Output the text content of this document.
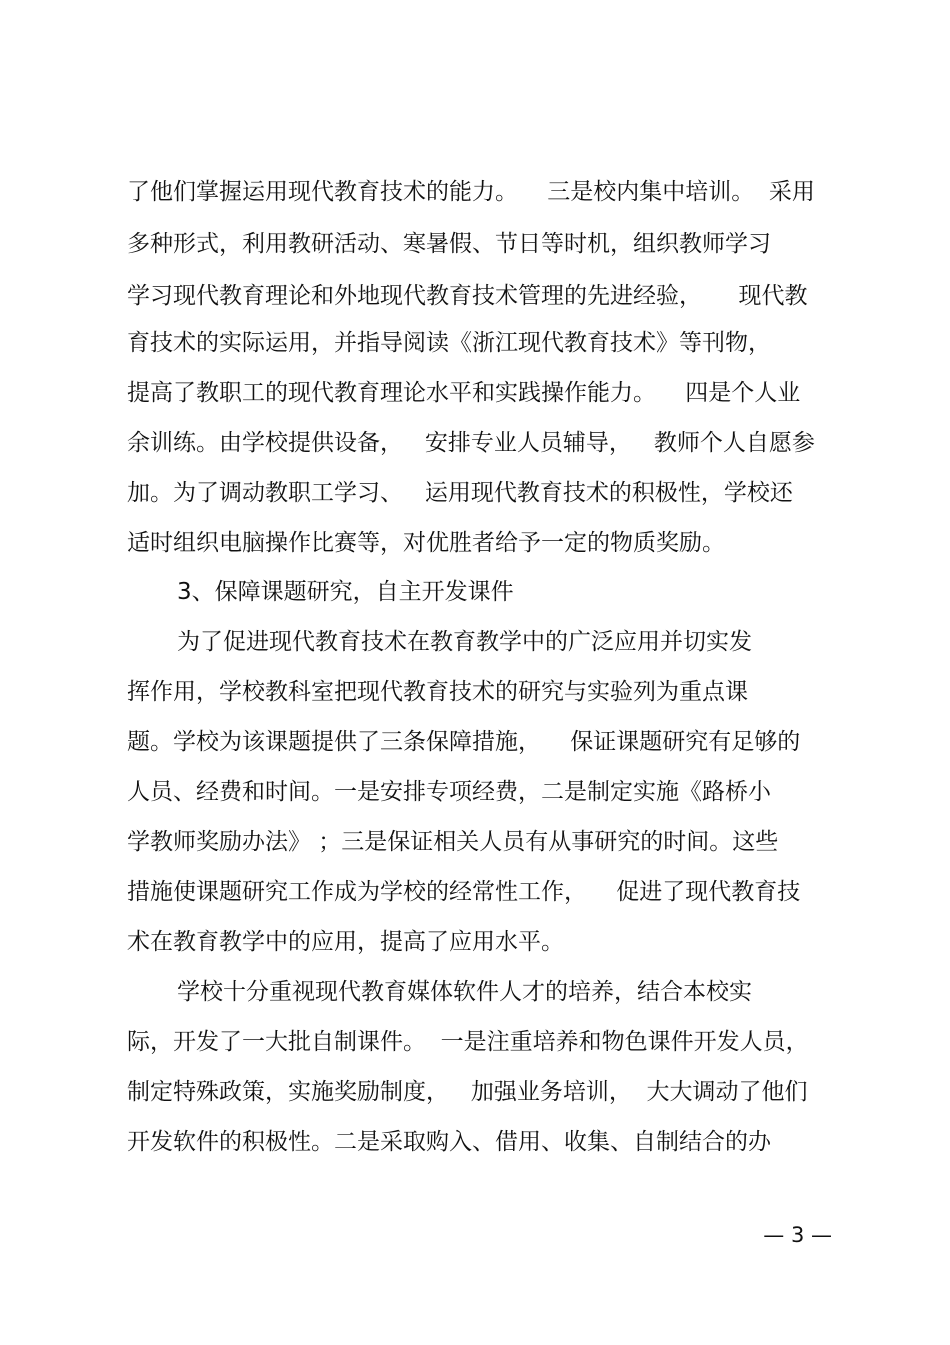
了他们掌握运用现代教育技术的能力。    三是校内集中培训。  采用
多种形式，利用教研活动、寒暑假、节日等时机，组织教师学习
学习现代教育理论和外地现代教育技术管理的先进经验，     现代教
育技术的实际运用，并指导阅读《浙江现代教育技术》等刊物，
提高了教职工的现代教育理论水平和实践操作能力。    四是个人业
余训练。由学校提供设备，   安排专业人员辅导，   教师个人自愿参
加。为了调动教职工学习、   运用现代教育技术的积极性，学校还
适时组织电脑操作比赛等，对优胜者给予一定的物质奖励。
3、保障课题研究，自主开发课件
为了促进现代教育技术在教育教学中的广泛应用并切实发
挥作用，学校教科室把现代教育技术的研究与实验列为重点课
题。学校为该课题提供了三条保障措施，    保证课题研究有足够的
人员、经费和时间。一是安排专项经费，二是制定实施《路桥小
学教师奖励办法》 ；三是保证相关人员有从事研究的时间。这些
措施使课题研究工作成为学校的经常性工作，    促进了现代教育技
术在教育教学中的应用，提高了应用水平。
学校十分重视现代教育媒体软件人才的培养，结合本校实
际，开发了一大批自制课件。  一是注重培养和物色课件开发人员，
制定特殊政策，实施奖励制度，   加强业务培训，  大大调动了他们
开发软件的积极性。二是采取购入、借用、收集、自制结合的办
— 3 —
